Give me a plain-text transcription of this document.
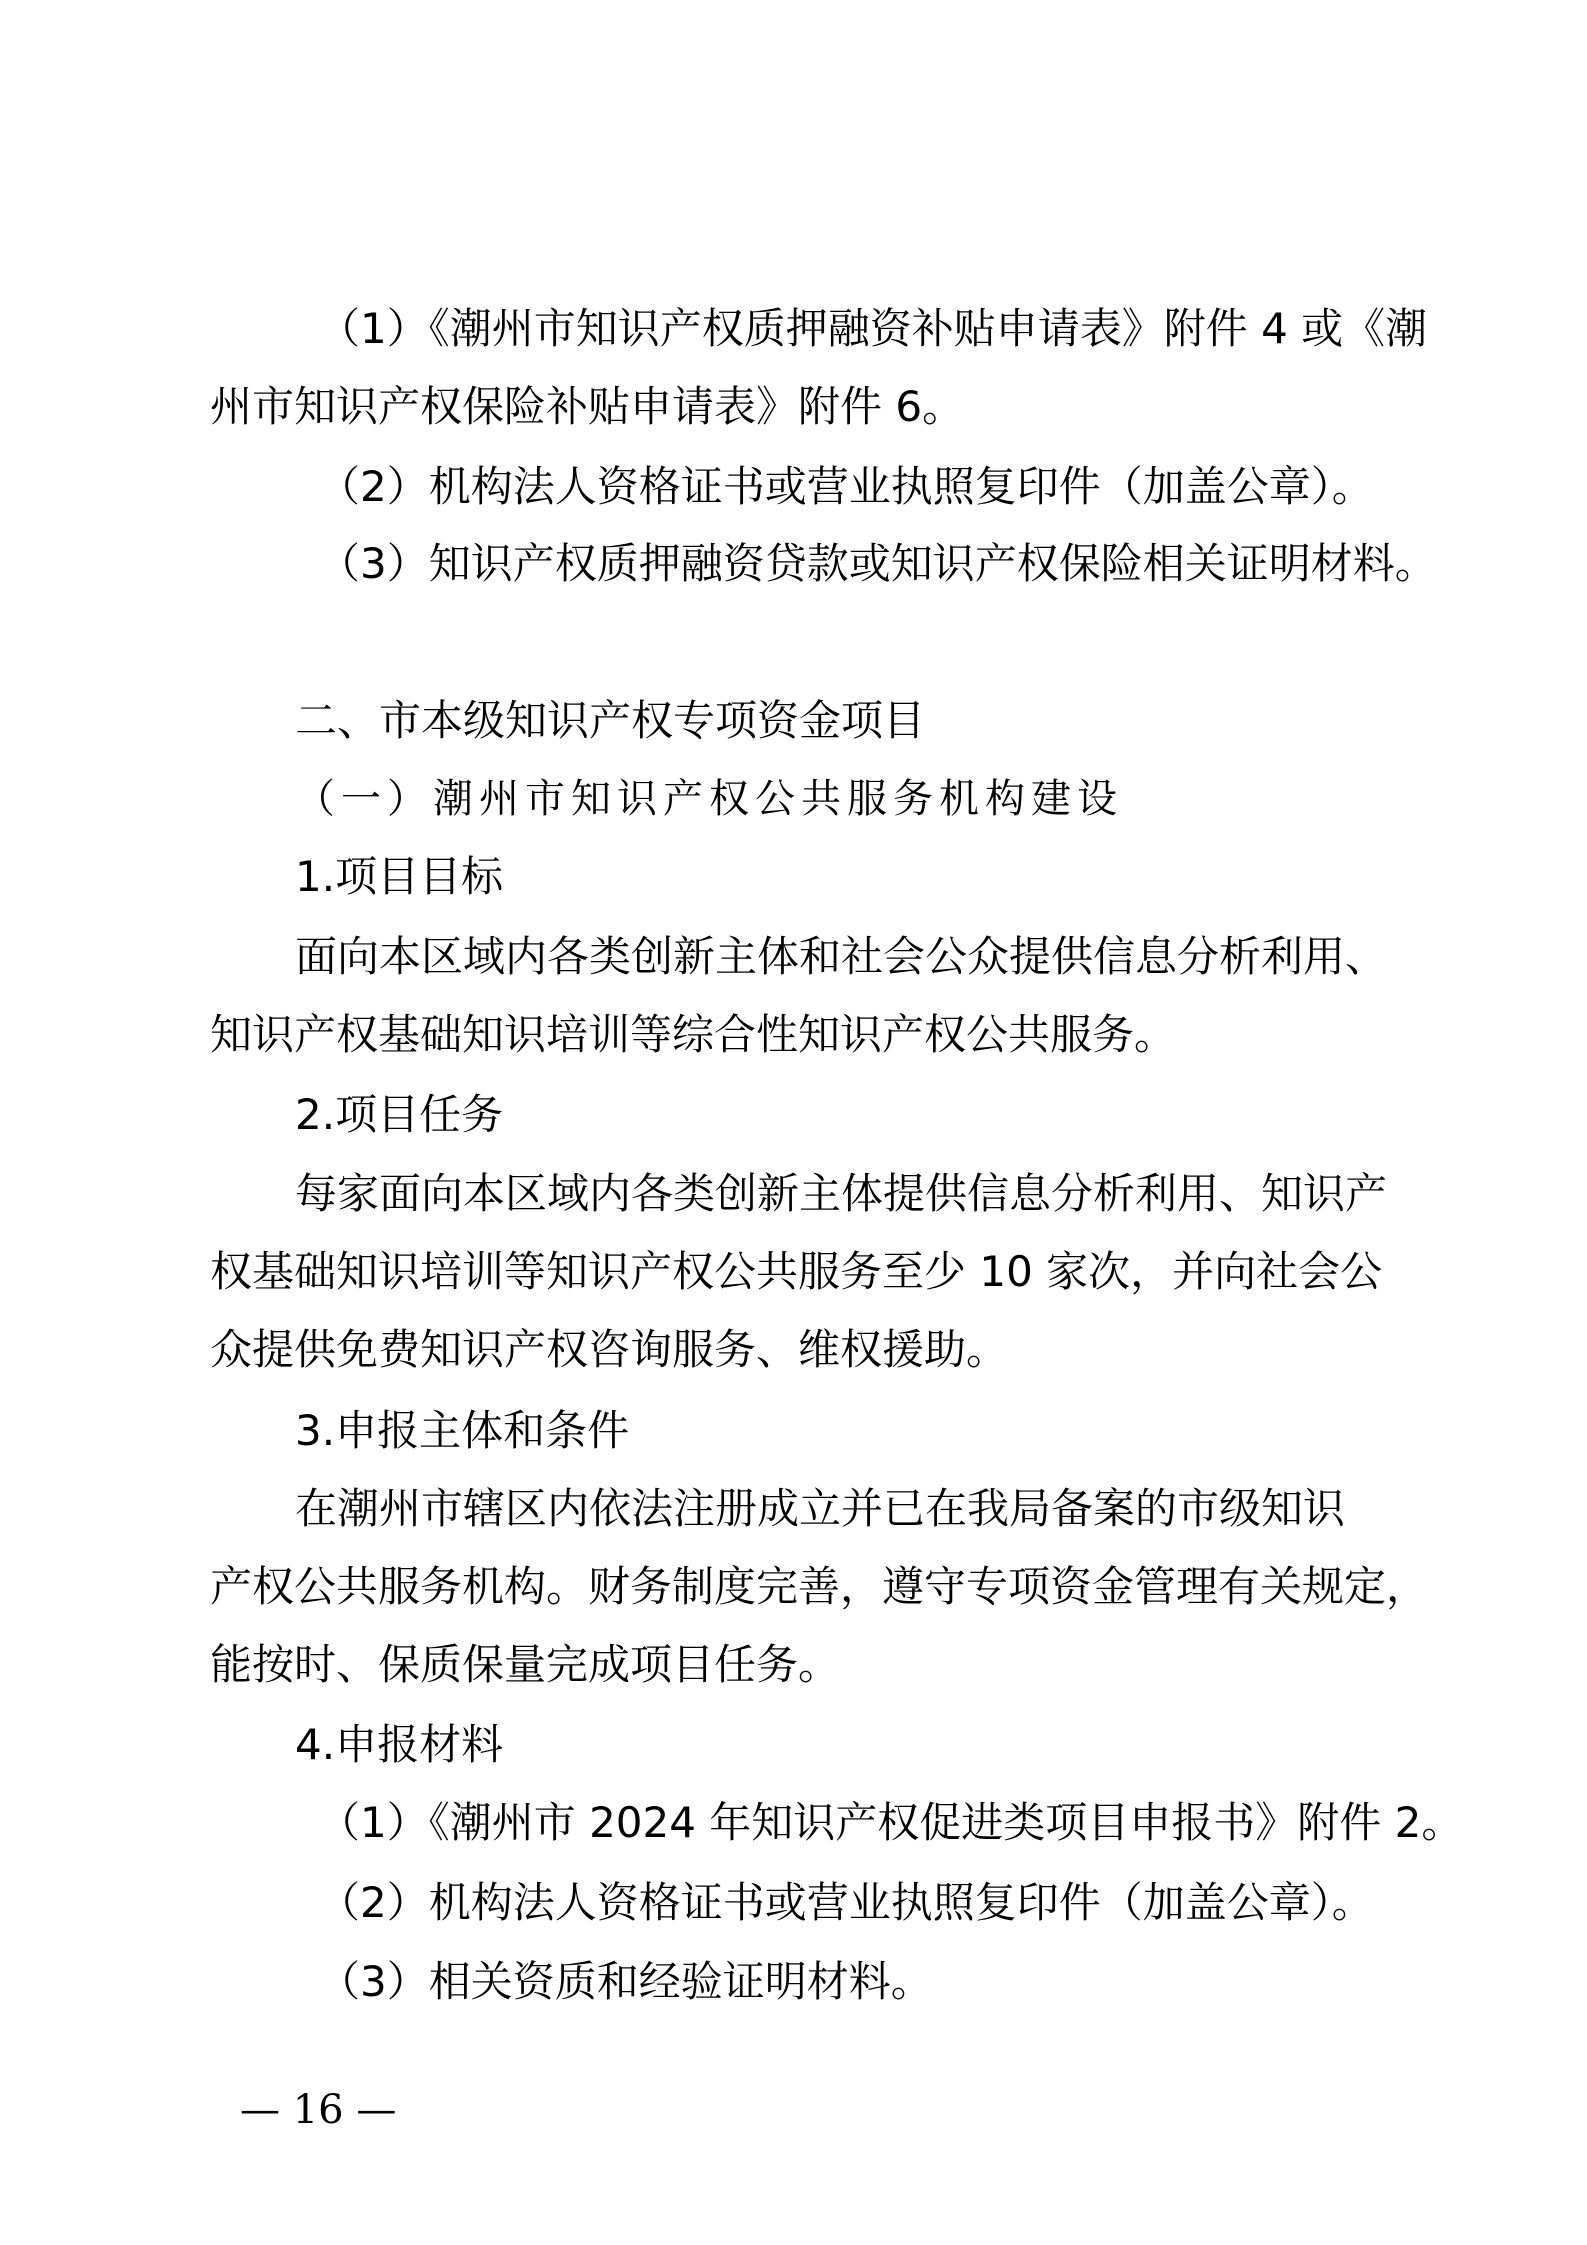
（1）《潮州市知识产权质押融资补贴申请表》附件 4 或《潮
州市知识产权保险补贴申请表》附件 6。
（2）机构法人资格证书或营业执照复印件（加盖公章）。
（3）知识产权质押融资贷款或知识产权保险相关证明材料。
二、市本级知识产权专项资金项目
（一）潮州市知识产权公共服务机构建设
1.项目目标
面向本区域内各类创新主体和社会公众提供信息分析利用、
知识产权基础知识培训等综合性知识产权公共服务。
2.项目任务
每家面向本区域内各类创新主体提供信息分析利用、知识产
权基础知识培训等知识产权公共服务至少 10 家次，并向社会公
众提供免费知识产权咨询服务、维权援助。
3.申报主体和条件
在潮州市辖区内依法注册成立并已在我局备案的市级知识
产权公共服务机构。财务制度完善，遵守专项资金管理有关规定，
能按时、保质保量完成项目任务。
4.申报材料
（1）《潮州市 2024 年知识产权促进类项目申报书》附件 2。
（2）机构法人资格证书或营业执照复印件（加盖公章）。
（3）相关资质和经验证明材料。
— 16 —
